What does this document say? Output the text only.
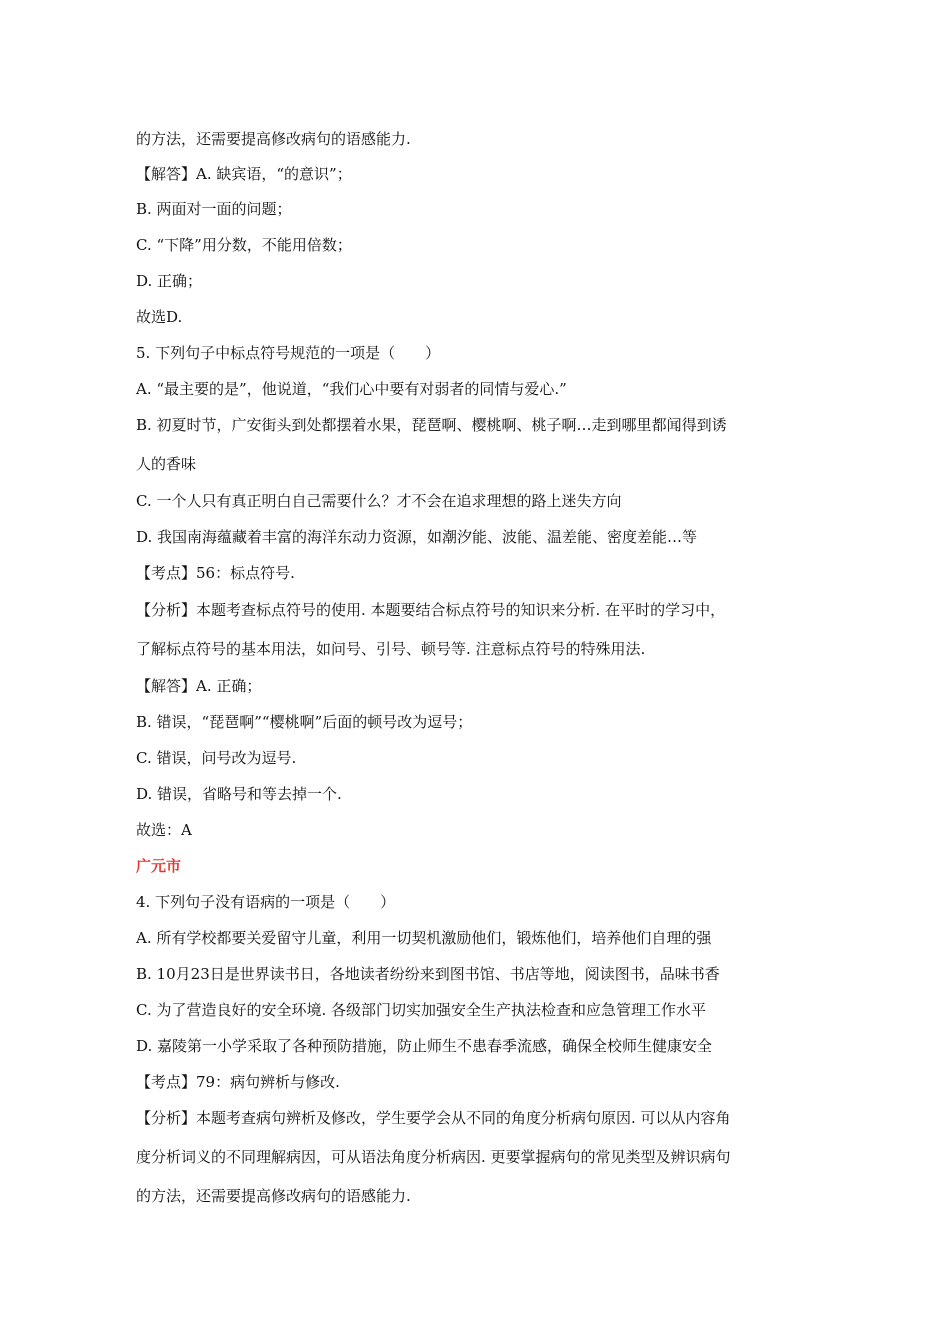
的方法，还需要提高修改病句的语感能力.
【解答】A. 缺宾语，“的意识”；
B. 两面对一面的问题；
C. “下降”用分数，不能用倍数；
D. 正确；
故选D.
5. 下列句子中标点符号规范的一项是（　　）
A. “最主要的是”，他说道，“我们心中要有对弱者的同情与爱心.”
B. 初夏时节，广安街头到处都摆着水果，琵琶啊、樱桃啊、桃子啊…走到哪里都闻得到诱
人的香味
C. 一个人只有真正明白自己需要什么？才不会在追求理想的路上迷失方向
D. 我国南海蕴藏着丰富的海洋东动力资源，如潮汐能、波能、温差能、密度差能…等
【考点】56：标点符号.
【分析】本题考查标点符号的使用. 本题要结合标点符号的知识来分析. 在平时的学习中，
了解标点符号的基本用法，如问号、引号、顿号等. 注意标点符号的特殊用法.
【解答】A. 正确；
B. 错误，“琵琶啊”“樱桃啊”后面的顿号改为逗号；
C. 错误，问号改为逗号.
D. 错误，省略号和等去掉一个.
故选：A
广元市
4. 下列句子没有语病的一项是（　　）
A. 所有学校都要关爱留守儿童，利用一切契机激励他们，锻炼他们，培养他们自理的强
B. 10月23日是世界读书日，各地读者纷纷来到图书馆、书店等地，阅读图书，品味书香
C. 为了营造良好的安全环境. 各级部门切实加强安全生产执法检查和应急管理工作水平
D. 嘉陵第一小学采取了各种预防措施，防止师生不患春季流感，确保全校师生健康安全
【考点】79：病句辨析与修改.
【分析】本题考查病句辨析及修改，学生要学会从不同的角度分析病句原因. 可以从内容角
度分析词义的不同理解病因，可从语法角度分析病因. 更要掌握病句的常见类型及辨识病句
的方法，还需要提高修改病句的语感能力.
